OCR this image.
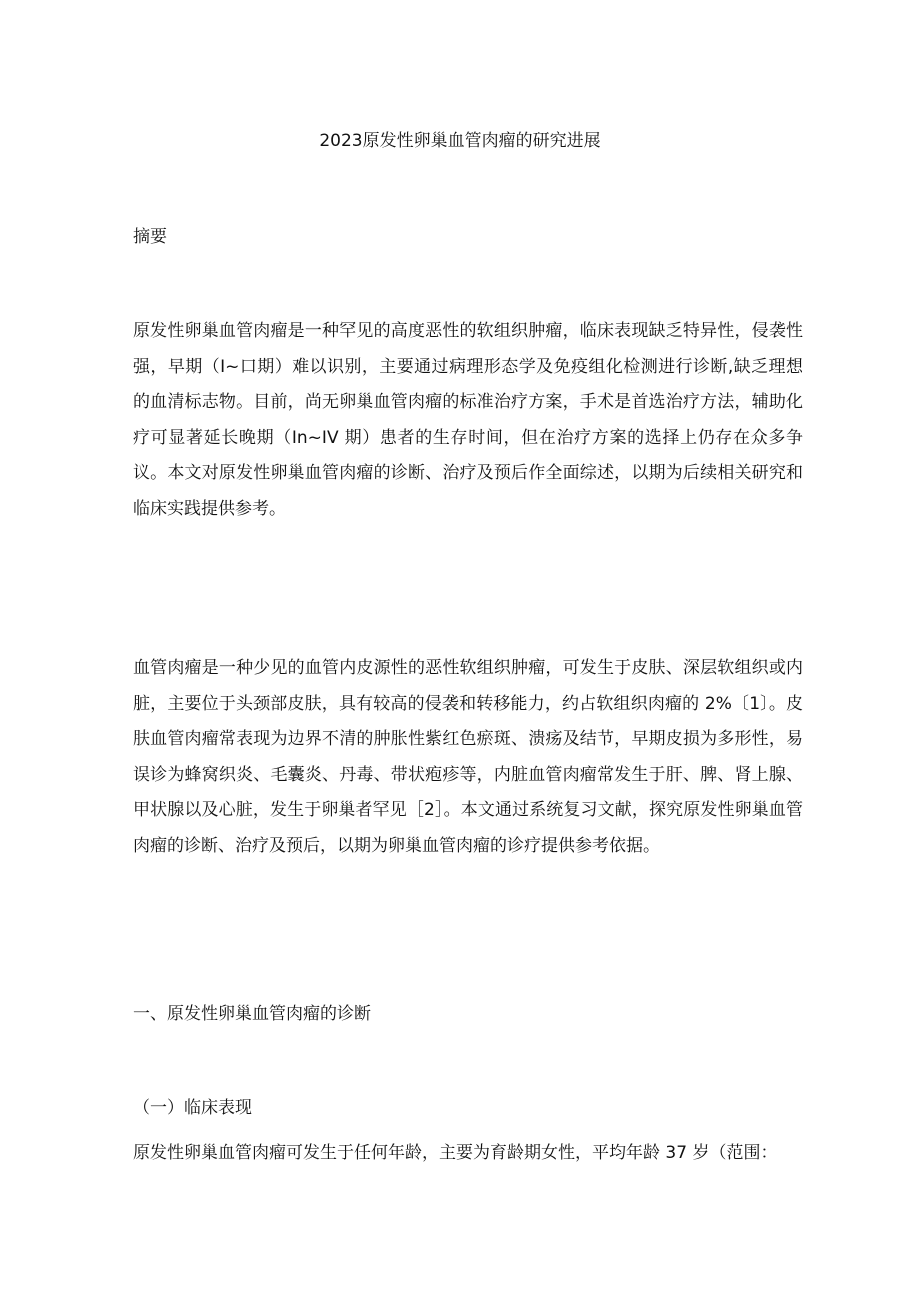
2023原发性卵巢血管肉瘤的研究进展
摘要
原发性卵巢血管肉瘤是一种罕见的高度恶性的软组织肿瘤，临床表现缺乏特异性，侵袭性强，早期（I~口期）难以识别，主要通过病理形态学及免疫组化检测进行诊断,缺乏理想的血清标志物。目前，尚无卵巢血管肉瘤的标准治疗方案，手术是首选治疗方法，辅助化疗可显著延长晚期（In~IV 期）患者的生存时间，但在治疗方案的选择上仍存在众多争议。本文对原发性卵巢血管肉瘤的诊断、治疗及预后作全面综述，以期为后续相关研究和临床实践提供参考。
血管肉瘤是一种少见的血管内皮源性的恶性软组织肿瘤，可发生于皮肤、深层软组织或内脏，主要位于头颈部皮肤，具有较高的侵袭和转移能力，约占软组织肉瘤的 2%〔1〕。皮肤血管肉瘤常表现为边界不清的肿胀性紫红色瘀斑、溃疡及结节，早期皮损为多形性，易误诊为蜂窝织炎、毛囊炎、丹毒、带状疱疹等，内脏血管肉瘤常发生于肝、脾、肾上腺、甲状腺以及心脏，发生于卵巢者罕见［2］。本文通过系统复习文献，探究原发性卵巢血管肉瘤的诊断、治疗及预后，以期为卵巢血管肉瘤的诊疗提供参考依据。
一、原发性卵巢血管肉瘤的诊断
（一）临床表现
原发性卵巢血管肉瘤可发生于任何年龄，主要为育龄期女性，平均年龄 37 岁（范围：
